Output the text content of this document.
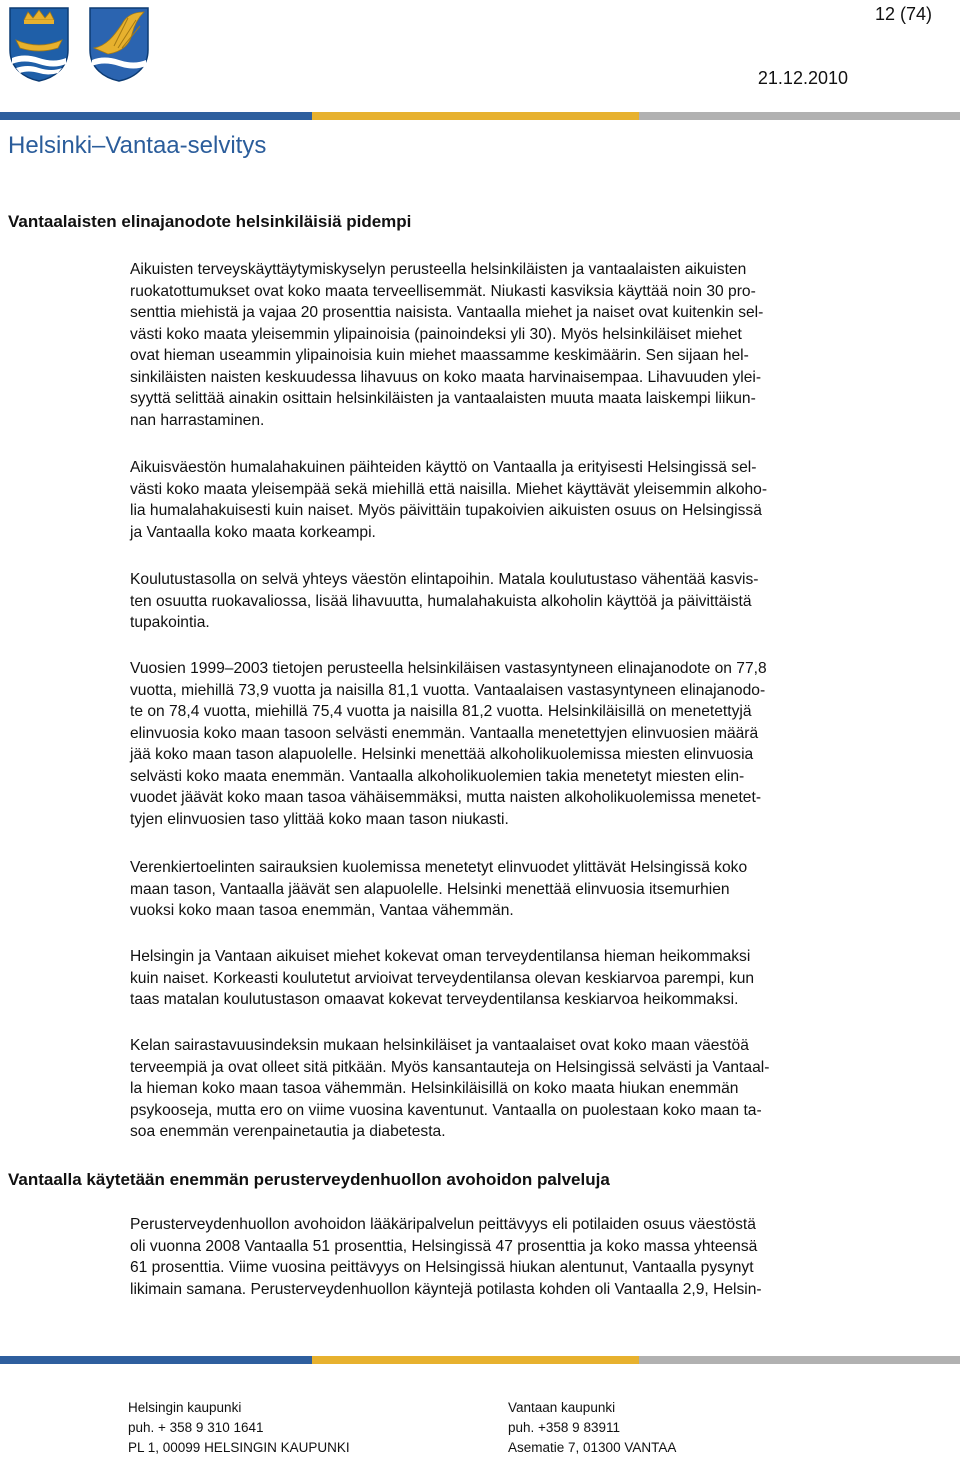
12 (74)
21.12.2010
Helsinki–Vantaa-selvitys
Vantaalaisten elinajanodote helsinkiläisiä pidempi
Aikuisten terveyskäyttäytymiskyselyn perusteella helsinkiläisten ja vantaalaisten aikuisten
ruokatottumukset ovat koko maata terveellisemmät. Niukasti kasviksia käyttää noin 30 pro-
senttia miehistä ja vajaa 20 prosenttia naisista. Vantaalla miehet ja naiset ovat kuitenkin sel-
västi koko maata yleisemmin ylipainoisia (painoindeksi yli 30). Myös helsinkiläiset miehet
ovat hieman useammin ylipainoisia kuin miehet maassamme keskimäärin. Sen sijaan hel-
sinkiläisten naisten keskuudessa lihavuus on koko maata harvinaisempaa. Lihavuuden ylei-
syyttä selittää ainakin osittain helsinkiläisten ja vantaalaisten muuta maata laiskempi liikun-
nan harrastaminen.
Aikuisväestön humalahakuinen päihteiden käyttö on Vantaalla ja erityisesti Helsingissä sel-
västi koko maata yleisempää sekä miehillä että naisilla. Miehet käyttävät yleisemmin alkoho-
lia humalahakuisesti kuin naiset. Myös päivittäin tupakoivien aikuisten osuus on Helsingissä
ja Vantaalla koko maata korkeampi.
Koulutustasolla on selvä yhteys väestön elintapoihin. Matala koulutustaso vähentää kasvis-
ten osuutta ruokavaliossa, lisää lihavuutta, humalahakuista alkoholin käyttöä ja päivittäistä
tupakointia.
Vuosien 1999–2003 tietojen perusteella helsinkiläisen vastasyntyneen elinajanodote on 77,8
vuotta, miehillä 73,9 vuotta ja naisilla 81,1 vuotta. Vantaalaisen vastasyntyneen elinajanodo-
te on 78,4 vuotta, miehillä 75,4 vuotta ja naisilla 81,2 vuotta. Helsinkiläisillä on menetettyjä
elinvuosia koko maan tasoon selvästi enemmän. Vantaalla menetettyjen elinvuosien määrä
jää koko maan tason alapuolelle. Helsinki menettää alkoholikuolemissa miesten elinvuosia
selvästi koko maata enemmän. Vantaalla alkoholikuolemien takia menetetyt miesten elin-
vuodet jäävät koko maan tasoa vähäisemmäksi, mutta naisten alkoholikuolemissa menetet-
tyjen elinvuosien taso ylittää koko maan tason niukasti.
Verenkiertoelinten sairauksien kuolemissa menetetyt elinvuodet ylittävät Helsingissä koko
maan tason, Vantaalla jäävät sen alapuolelle. Helsinki menettää elinvuosia itsemurhien
vuoksi koko maan tasoa enemmän, Vantaa vähemmän.
Helsingin ja Vantaan aikuiset miehet kokevat oman terveydentilansa hieman heikommaksi
kuin naiset. Korkeasti koulutetut arvioivat terveydentilansa olevan keskiarvoa parempi, kun
taas matalan koulutustason omaavat kokevat terveydentilansa keskiarvoa heikommaksi.
Kelan sairastavuusindeksin mukaan helsinkiläiset ja vantaalaiset ovat koko maan väestöä
terveempiä ja ovat olleet sitä pitkään. Myös kansantauteja on Helsingissä selvästi ja Vantaal-
la hieman koko maan tasoa vähemmän. Helsinkiläisillä on koko maata hiukan enemmän
psykooseja, mutta ero on viime vuosina kaventunut. Vantaalla on puolestaan koko maan ta-
soa enemmän verenpainetautia ja diabetesta.
Vantaalla käytetään enemmän perusterveydenhuollon avohoidon palveluja
Perusterveydenhuollon avohoidon lääkäripalvelun peittävyys eli potilaiden osuus väestöstä
oli vuonna 2008 Vantaalla 51 prosenttia, Helsingissä 47 prosenttia ja koko massa yhteensä
61 prosenttia. Viime vuosina peittävyys on Helsingissä hiukan alentunut, Vantaalla pysynyt
likimain samana. Perusterveydenhuollon käyntejä potilasta kohden oli Vantaalla 2,9, Helsin-
Helsingin kaupunki
puh. + 358 9 310 1641
PL 1, 00099 HELSINGIN KAUPUNKI
Vantaan kaupunki
puh. +358 9 83911
Asematie 7, 01300 VANTAA
